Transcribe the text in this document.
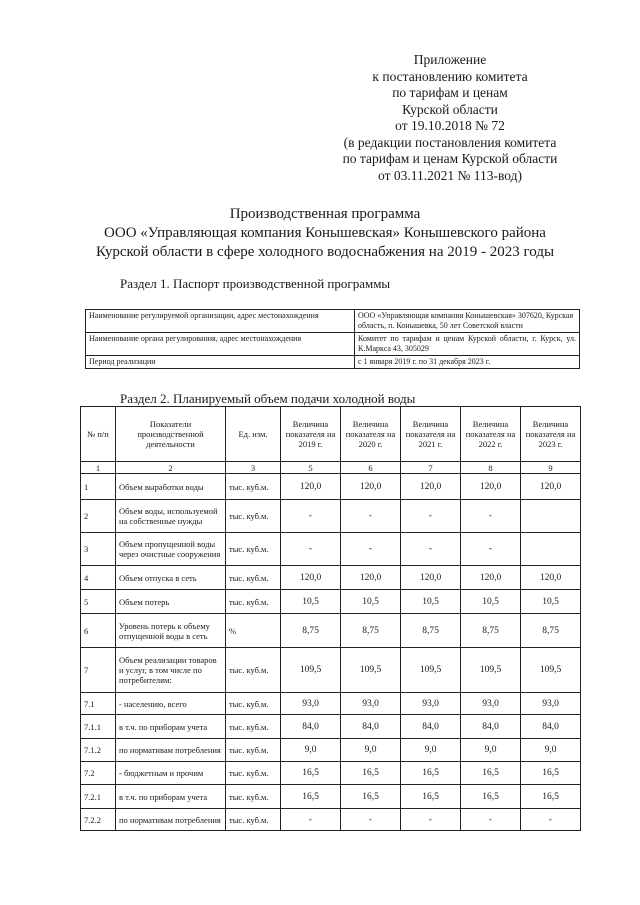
Приложение
к постановлению комитета
по тарифам и ценам
Курской области
от 19.10.2018 № 72
(в редакции постановления комитета
по тарифам и ценам Курской области
от 03.11.2021 № 113-вод)
Производственная программа
ООО «Управляющая компания Конышевская» Конышевского района
Курской области в сфере холодного водоснабжения на 2019 - 2023 годы
Раздел 1. Паспорт производственной программы
Наименование регулируемой организации, адрес местонахождения	ООО «Управляющая компания Конышевская» 307620, Курская область, п. Конышевка, 50 лет Советской власти
Наименование органа регулирования, адрес местонахождения	Комитет по тарифам и ценам Курской области, г. Курск, ул. К.Маркса 43, 305029
Период реализации	с 1 января 2019 г. по 31 декабря 2023 г.
Раздел 2. Планируемый объем подачи холодной воды
№ п/п	Показатели производственной деятельности	Ед. изм.	Величина показателя на 2019 г.	Величина показателя на 2020 г.	Величина показателя на 2021 г.	Величина показателя на 2022 г.	Величина показателя на 2023 г.
1	2	3	5	6	7	8	9
1	Объем выработки воды	тыс. куб.м.	120,0	120,0	120,0	120,0	120,0
2	Объем воды, используемой на собственные нужды	тыс. куб.м.	-	-	-	-	
3	Объем пропущенной воды через очистные сооружения	тыс. куб.м.	-	-	-	-	
4	Объем отпуска в сеть	тыс. куб.м.	120,0	120,0	120,0	120,0	120,0
5	Объем потерь	тыс. куб.м.	10,5	10,5	10,5	10,5	10,5
6	Уровень потерь к объему отпущенной воды в сеть	%	8,75	8,75	8,75	8,75	8,75
7	Объем реализации товаров и услуг, в том числе по потребителям:	тыс. куб.м.	109,5	109,5	109,5	109,5	109,5
7.1	- населению, всего	тыс. куб.м.	93,0	93,0	93,0	93,0	93,0
7.1.1	в т.ч. по приборам учета	тыс. куб.м.	84,0	84,0	84,0	84,0	84,0
7.1.2	по нормативам потребления	тыс. куб.м.	9,0	9,0	9,0	9,0	9,0
7.2	- бюджетным и прочим	тыс. куб.м.	16,5	16,5	16,5	16,5	16,5
7.2.1	в т.ч. по приборам учета	тыс. куб.м.	16,5	16,5	16,5	16,5	16,5
7.2.2	по нормативам потребления	тыс. куб.м.	-	-	-	-	-
